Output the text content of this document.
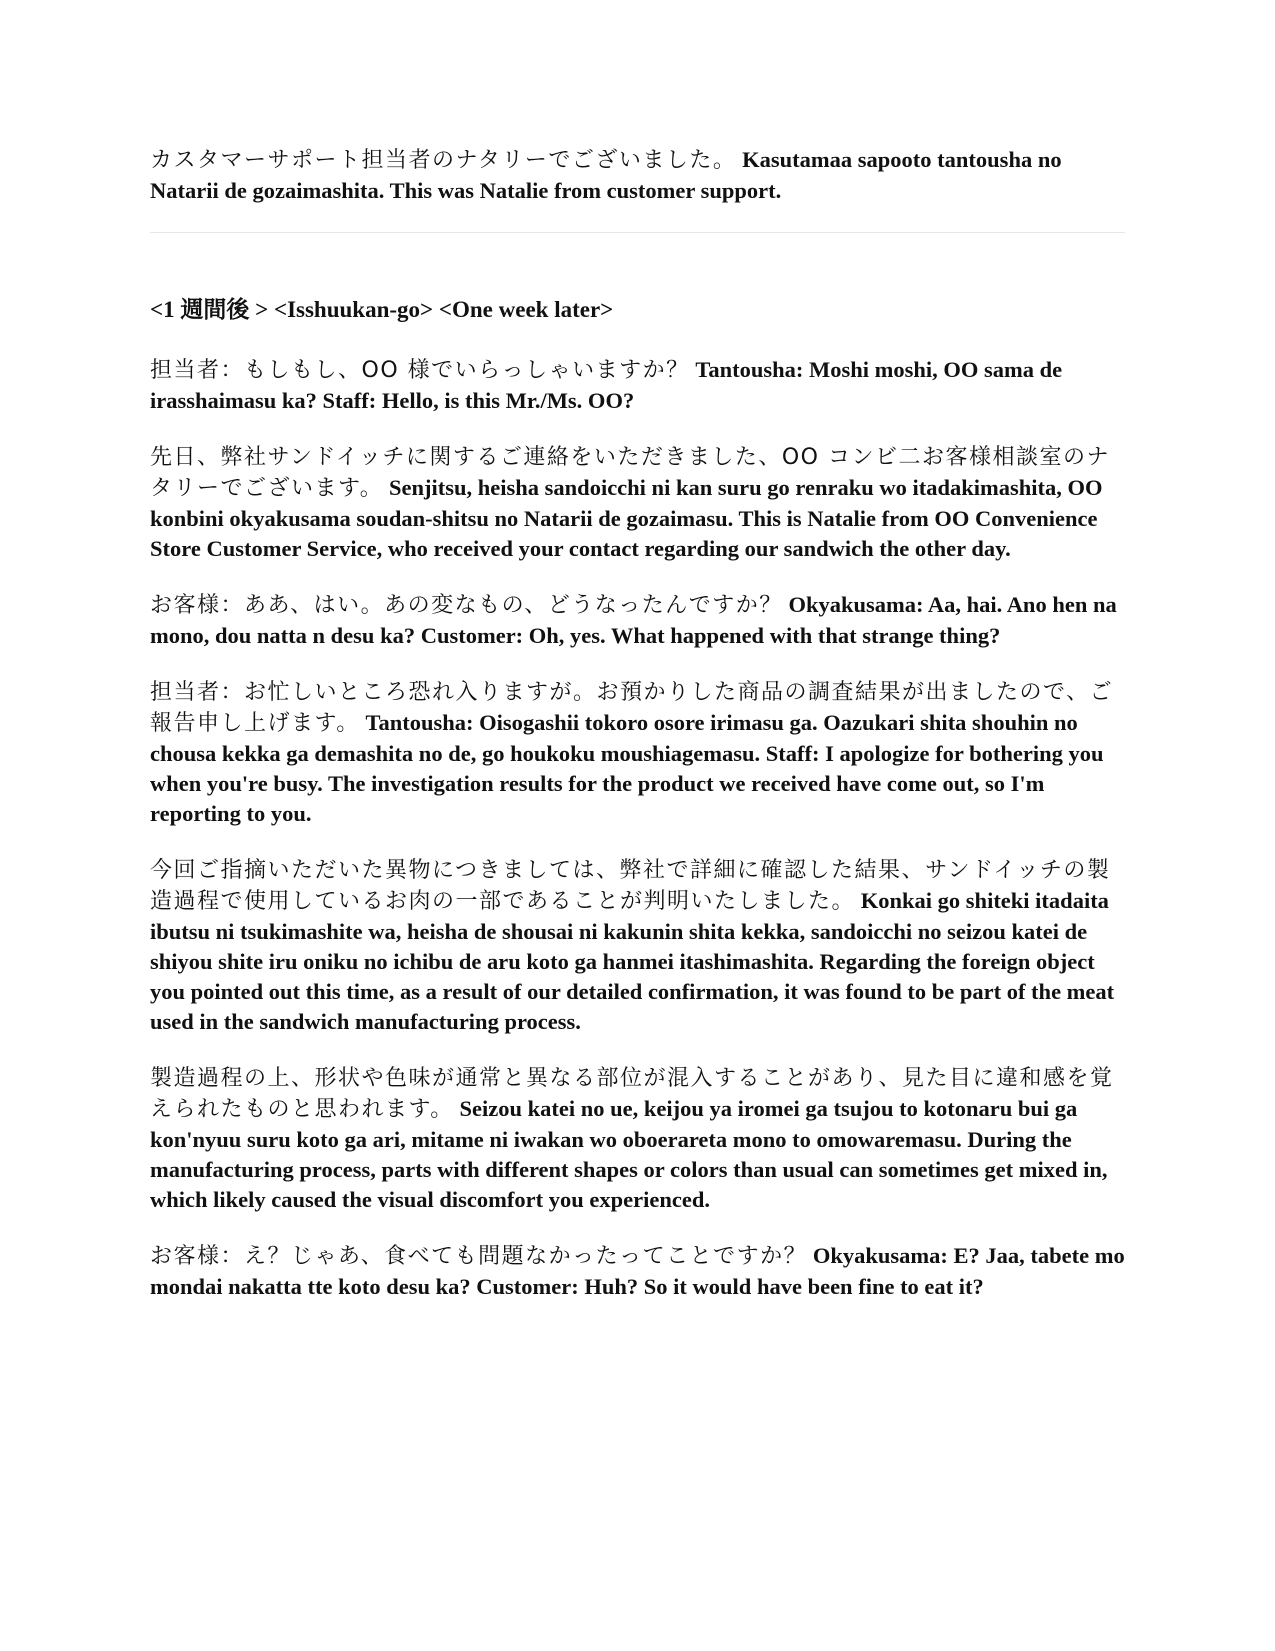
カスタマーサポート担当者のナタリーでございました。 Kasutamaa sapooto tantousha no Natarii de gozaimashita. This was Natalie from customer support.

<1 週間後 > <Isshuukan-go> <One week later>

担当者：もしもし、OO 様でいらっしゃいますか？ Tantousha: Moshi moshi, OO sama de irasshaimasu ka? Staff: Hello, is this Mr./Ms. OO?

先日、弊社サンドイッチに関するご連絡をいただきました、OO コンビ二お客様相談室のナタリーでございます。 Senjitsu, heisha sandoicchi ni kan suru go renraku wo itadakimashita, OO konbini okyakusama soudan-shitsu no Natarii de gozaimasu. This is Natalie from OO Convenience Store Customer Service, who received your contact regarding our sandwich the other day.

お客様：ああ、はい。あの変なもの、どうなったんですか？ Okyakusama: Aa, hai. Ano hen na mono, dou natta n desu ka? Customer: Oh, yes. What happened with that strange thing?

担当者：お忙しいところ恐れ入りますが。お預かりした商品の調査結果が出ましたので、ご報告申し上げます。 Tantousha: Oisogashii tokoro osore irimasu ga. Oazukari shita shouhin no chousa kekka ga demashita no de, go houkoku moushiagemasu. Staff: I apologize for bothering you when you're busy. The investigation results for the product we received have come out, so I'm reporting to you.

今回ご指摘いただいた異物につきましては、弊社で詳細に確認した結果、サンドイッチの製造過程で使用しているお肉の一部であることが判明いたしました。 Konkai go shiteki itadaita ibutsu ni tsukimashite wa, heisha de shousai ni kakunin shita kekka, sandoicchi no seizou katei de shiyou shite iru oniku no ichibu de aru koto ga hanmei itashimashita. Regarding the foreign object you pointed out this time, as a result of our detailed confirmation, it was found to be part of the meat used in the sandwich manufacturing process.

製造過程の上、形状や色味が通常と異なる部位が混入することがあり、見た目に違和感を覚えられたものと思われます。 Seizou katei no ue, keijou ya iromei ga tsujou to kotonaru bui ga kon'nyuu suru koto ga ari, mitame ni iwakan wo oboerareta mono to omowaremasu. During the manufacturing process, parts with different shapes or colors than usual can sometimes get mixed in, which likely caused the visual discomfort you experienced.

お客様：え？じゃあ、食べても問題なかったってことですか？ Okyakusama: E? Jaa, tabete mo mondai nakatta tte koto desu ka? Customer: Huh? So it would have been fine to eat it?
